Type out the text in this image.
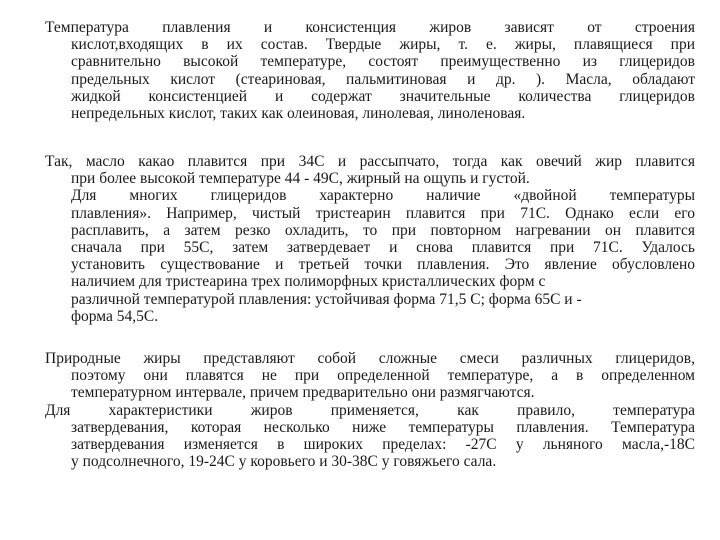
Температура плавления и консистенция жиров зависят от строения
кислот,входящих в их состав. Твердые жиры, т. е. жиры, плавящиеся при
сравнительно высокой температуре, состоят преимущественно из глицеридов
предельных кислот (стеариновая, пальмитиновая и др. ). Масла, обладают
жидкой консистенцией и содержат значительные количества глицеридов
непредельных кислот, таких как олеиновая, линолевая, линоленовая.
Так, масло какао плавится при 34С и рассыпчато, тогда как овечий жир плавится
при более высокой температуре 44 - 49С, жирный на ощупь и густой.
Для многих глицеридов характерно наличие «двойной температуры
плавления». Например, чистый тристеарин плавится при 71С. Однако если его
расплавить, а затем резко охладить, то при повторном нагревании он плавится
сначала при 55С, затем затвердевает и снова плавится при 71С. Удалось
установить существование и третьей точки плавления. Это явление обусловлено
наличием для тристеарина трех полиморфных кристаллических форм с
различной температурой плавления: устойчивая форма 71,5 С; форма 65С и -
форма 54,5С.
Природные жиры представляют собой сложные смеси различных глицеридов,
поэтому они плавятся не при определенной температуре, а в определенном
температурном интервале, причем предварительно они размягчаются.
Для характеристики жиров применяется, как правило, температура
затвердевания, которая несколько ниже температуры плавления. Температура
затвердевания изменяется в широких пределах: -27С у льняного масла,-18С
у подсолнечного, 19-24С у коровьего и 30-38С у говяжьего сала.
